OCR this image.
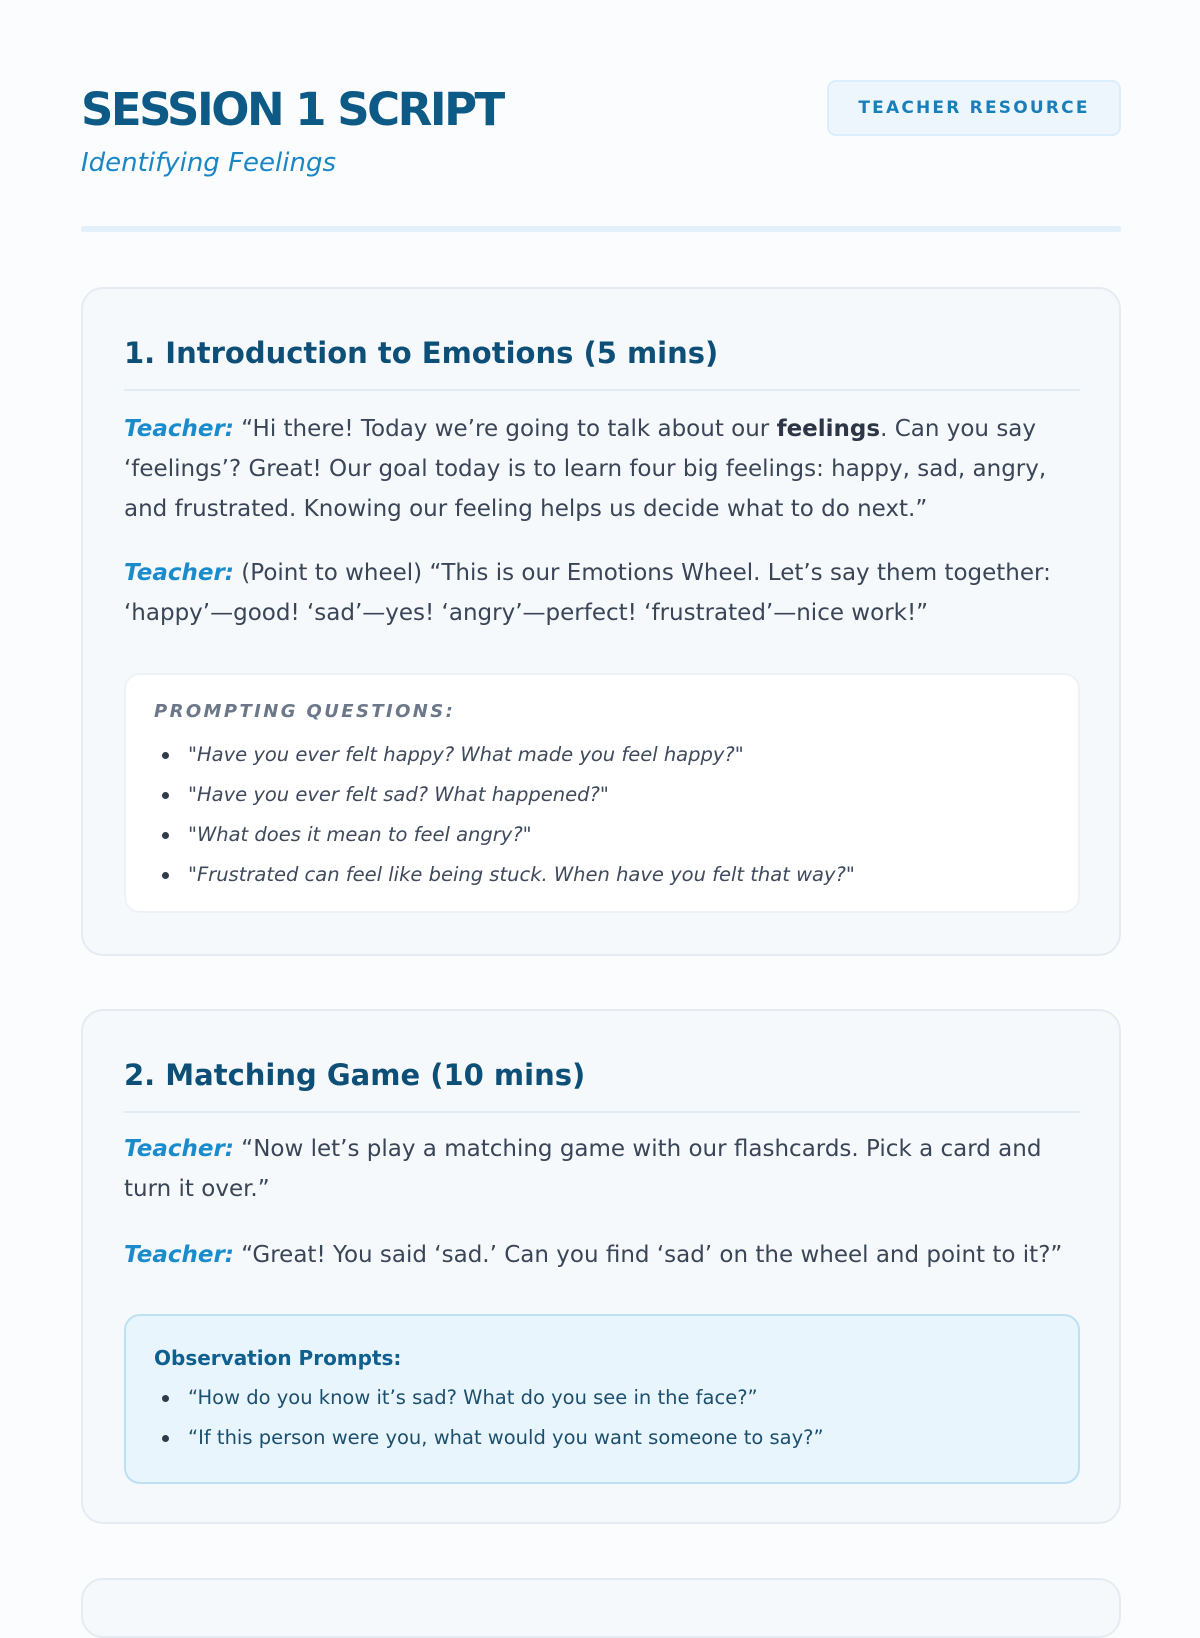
SESSION 1 SCRIPT
Identifying Feelings
TEACHER RESOURCE
1. Introduction to Emotions (5 mins)

Teacher: “Hi there! Today we’re going to talk about our feelings. Can you say ‘feelings’? Great! Our goal today is to learn four big feelings: happy, sad, angry, and frustrated. Knowing our feeling helps us decide what to do next.”

Teacher: (Point to wheel) “This is our Emotions Wheel. Let’s say them together: ‘happy’—good! ‘sad’—yes! ‘angry’—perfect! ‘frustrated’—nice work!”

PROMPTING QUESTIONS:
"Have you ever felt happy? What made you feel happy?"
"Have you ever felt sad? What happened?"
"What does it mean to feel angry?"
"Frustrated can feel like being stuck. When have you felt that way?"
2. Matching Game (10 mins)

Teacher: “Now let’s play a matching game with our flashcards. Pick a card and turn it over.”

Teacher: “Great! You said ‘sad.’ Can you find ‘sad’ on the wheel and point to it?”

Observation Prompts:
“How do you know it’s sad? What do you see in the face?”
“If this person were you, what would you want someone to say?”
